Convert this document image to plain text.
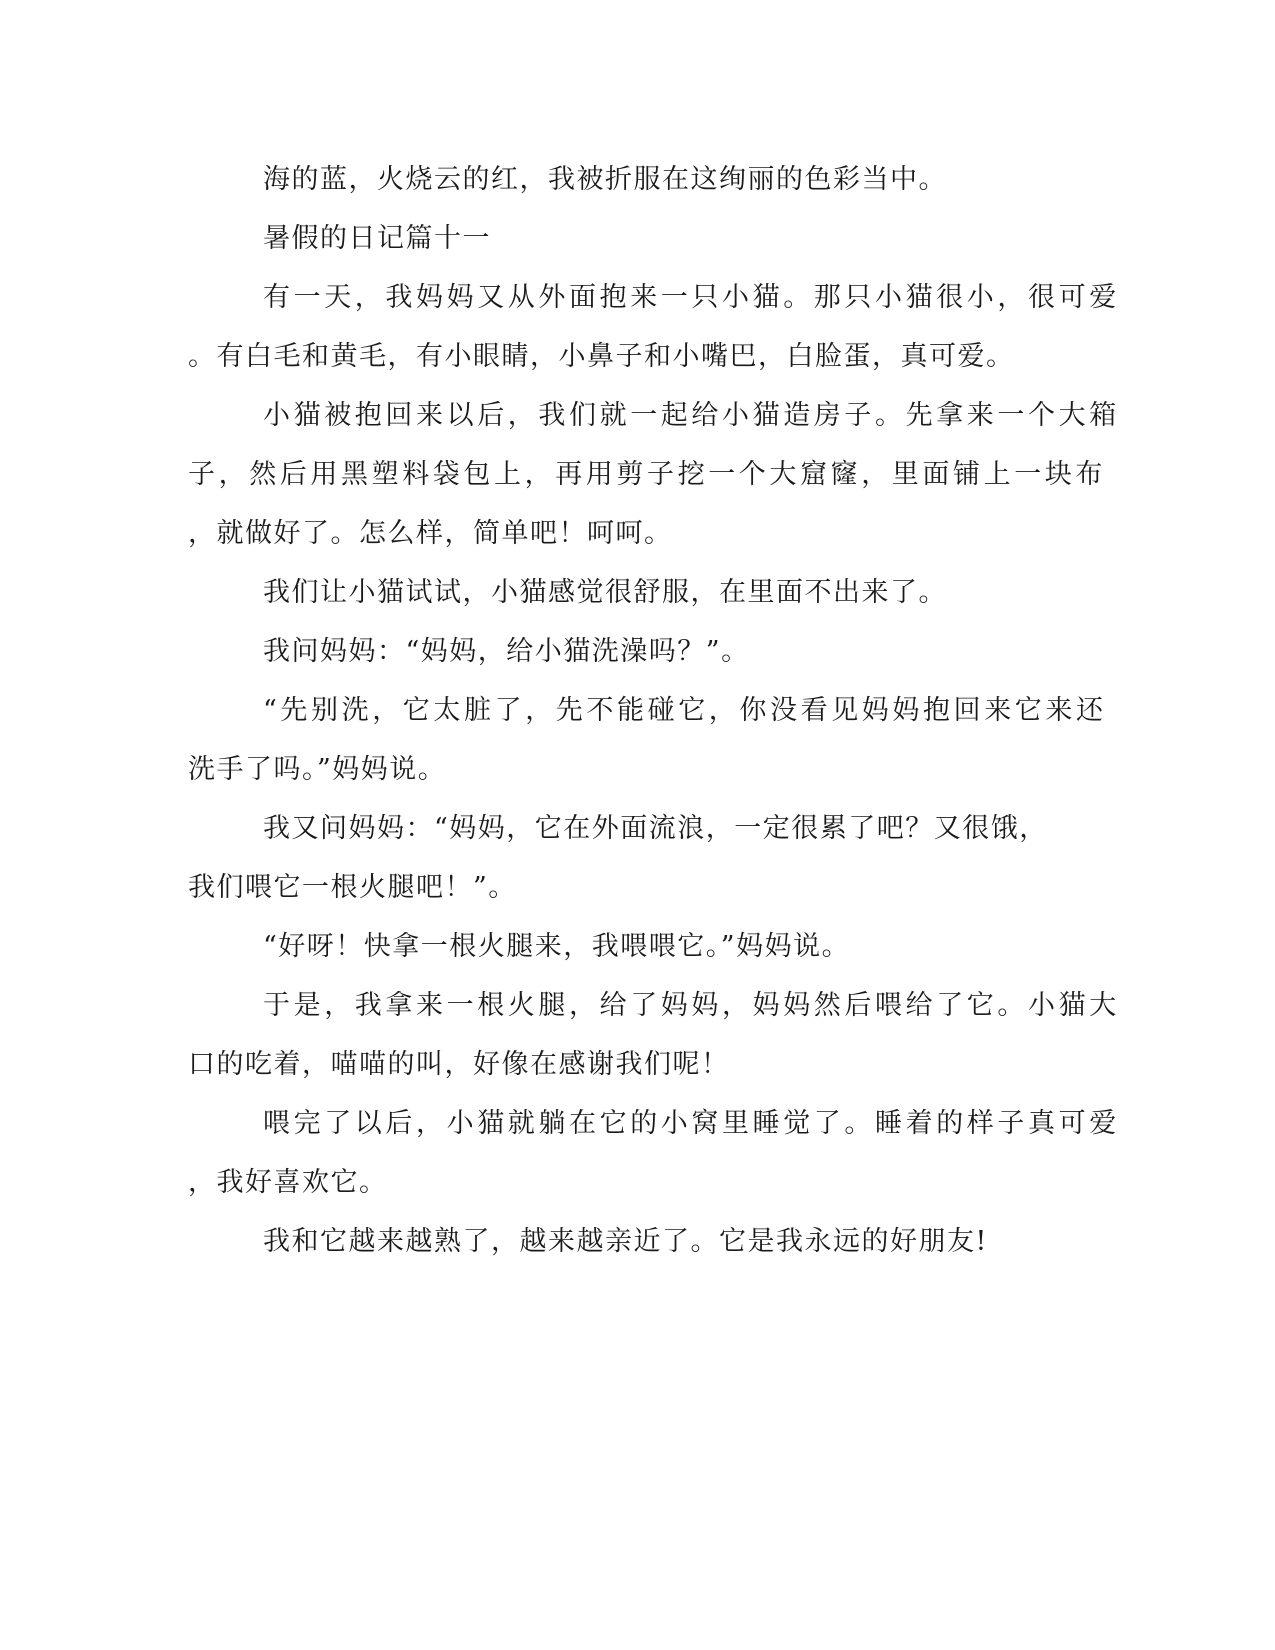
海的蓝，火烧云的红，我被折服在这绚丽的色彩当中。
暑假的日记篇十一
有一天，我妈妈又从外面抱来一只小猫。那只小猫很小，很可爱
。有白毛和黄毛，有小眼睛，小鼻子和小嘴巴，白脸蛋，真可爱。
小猫被抱回来以后，我们就一起给小猫造房子。先拿来一个大箱
子，然后用黑塑料袋包上，再用剪子挖一个大窟窿，里面铺上一块布
，就做好了。怎么样，简单吧！呵呵。
我们让小猫试试，小猫感觉很舒服，在里面不出来了。
我问妈妈：“妈妈，给小猫洗澡吗？”。
“先别洗，它太脏了，先不能碰它，你没看见妈妈抱回来它来还
洗手了吗。”妈妈说。
我又问妈妈：“妈妈，它在外面流浪，一定很累了吧？又很饿，
我们喂它一根火腿吧！”。
“好呀！快拿一根火腿来，我喂喂它。”妈妈说。
于是，我拿来一根火腿，给了妈妈，妈妈然后喂给了它。小猫大
口的吃着，喵喵的叫，好像在感谢我们呢！
喂完了以后，小猫就躺在它的小窝里睡觉了。睡着的样子真可爱
，我好喜欢它。
我和它越来越熟了，越来越亲近了。它是我永远的好朋友!
